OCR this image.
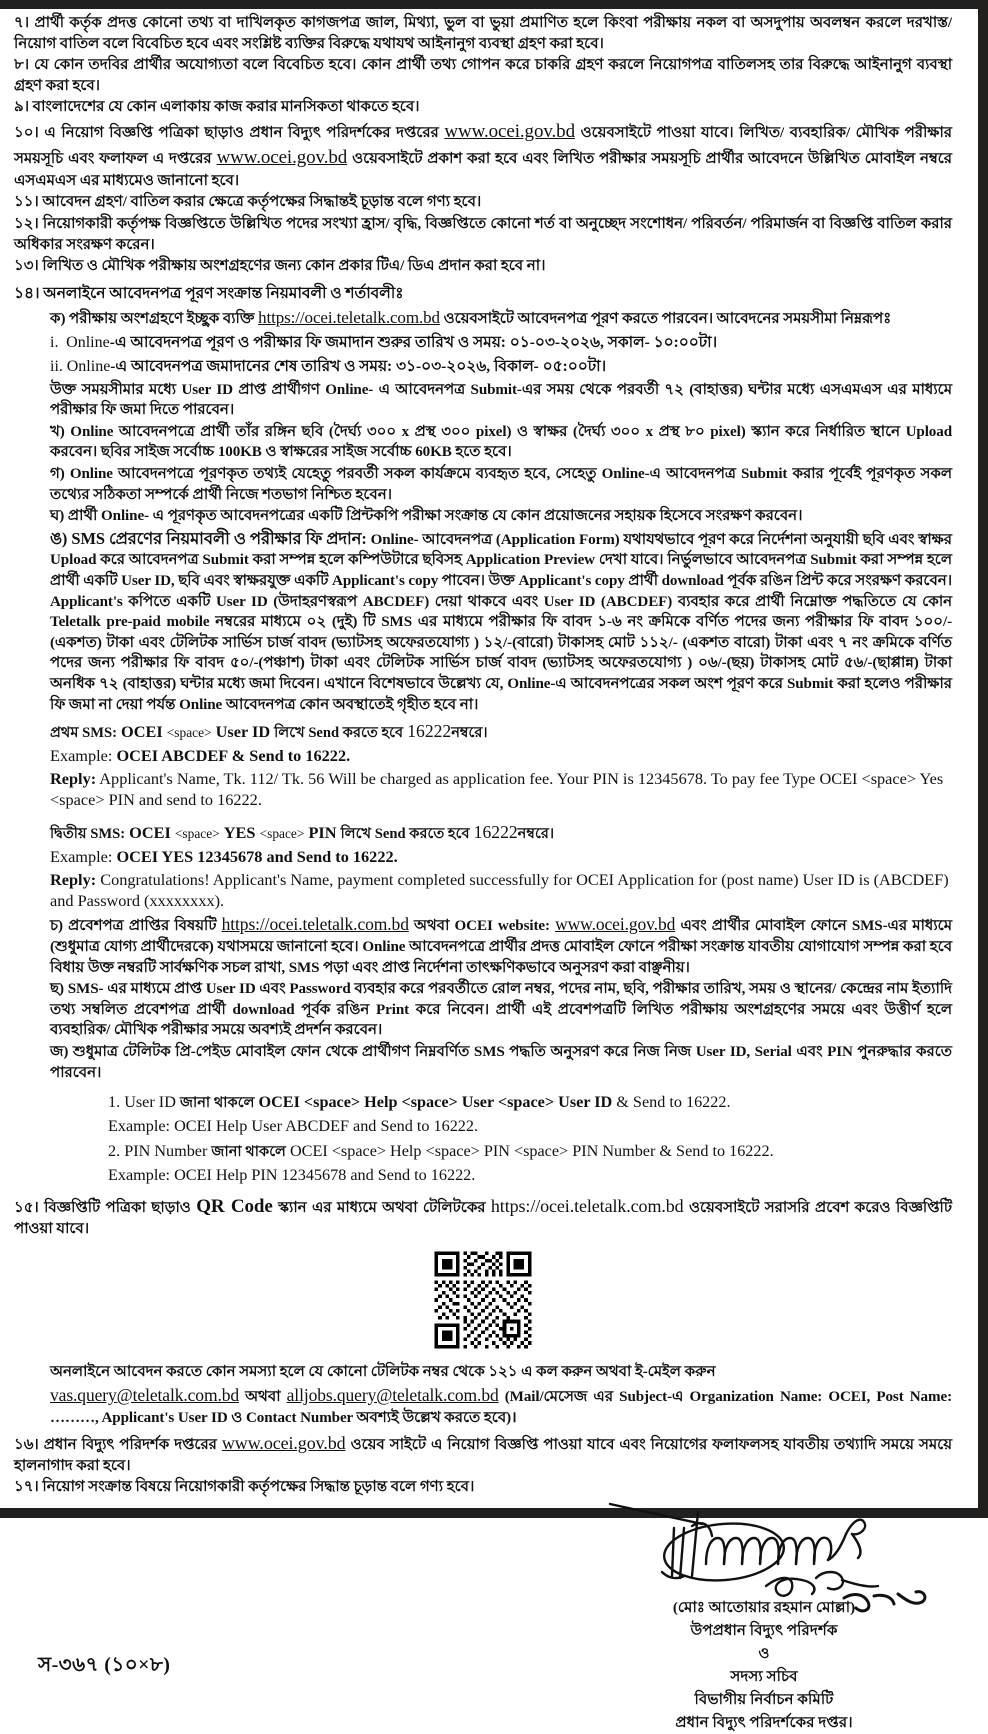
৭। প্রার্থী কর্তৃক প্রদত্ত কোনো তথ্য বা দাখিলকৃত কাগজপত্র জাল, মিথ্যা, ভুল বা ভুয়া প্রমাণিত হলে কিংবা পরীক্ষায় নকল বা অসদুপায় অবলম্বন করলে দরখাস্ত/ নিয়োগ বাতিল বলে বিবেচিত হবে এবং সংশ্লিষ্ট ব্যক্তির বিরুদ্ধে যথাযথ আইনানুগ ব্যবস্থা গ্রহণ করা হবে।

৮। যে কোন তদবির প্রার্থীর অযোগ্যতা বলে বিবেচিত হবে। কোন প্রার্থী তথ্য গোপন করে চাকরি গ্রহণ করলে নিয়োগপত্র বাতিলসহ তার বিরুদ্ধে আইনানুগ ব্যবস্থা গ্রহণ করা হবে।

৯। বাংলাদেশের যে কোন এলাকায় কাজ করার মানসিকতা থাকতে হবে।

১০। এ নিয়োগ বিজ্ঞপ্তি পত্রিকা ছাড়াও প্রধান বিদ্যুৎ পরিদর্শকের দপ্তরের www.ocei.gov.bd ওয়েবসাইটে পাওয়া যাবে। লিখিত/ ব্যবহারিক/ মৌখিক পরীক্ষার সময়সূচি এবং ফলাফল এ দপ্তরের www.ocei.gov.bd ওয়েবসাইটে প্রকাশ করা হবে এবং লিখিত পরীক্ষার সময়সূচি প্রার্থীর আবেদনে উল্লিখিত মোবাইল নম্বরে এসএমএস এর মাধ্যমেও জানানো হবে।

১১। আবেদন গ্রহণ/ বাতিল করার ক্ষেত্রে কর্তৃপক্ষের সিদ্ধান্তই চূড়ান্ত বলে গণ্য হবে।

১২। নিয়োগকারী কর্তৃপক্ষ বিজ্ঞপ্তিতে উল্লিখিত পদের সংখ্যা হ্রাস/ বৃদ্ধি, বিজ্ঞপ্তিতে কোনো শর্ত বা অনুচ্ছেদ সংশোধন/ পরিবর্তন/ পরিমার্জন বা বিজ্ঞপ্তি বাতিল করার অধিকার সংরক্ষণ করেন।

১৩। লিখিত ও মৌখিক পরীক্ষায় অংশগ্রহণের জন্য কোন প্রকার টিএ/ ডিএ প্রদান করা হবে না।

১৪। অনলাইনে আবেদনপত্র পূরণ সংক্রান্ত নিয়মাবলী ও শর্তাবলীঃ

ক) পরীক্ষায় অংশগ্রহণে ইচ্ছুক ব্যক্তি https://ocei.teletalk.com.bd ওয়েবসাইটে আবেদনপত্র পূরণ করতে পারবেন। আবেদনের সময়সীমা নিম্নরূপঃ

i. Online-এ আবেদনপত্র পূরণ ও পরীক্ষার ফি জমাদান শুরুর তারিখ ও সময়: ০১-০৩-২০২৬, সকাল- ১০:০০টা।

ii. Online-এ আবেদনপত্র জমাদানের শেষ তারিখ ও সময়: ৩১-০৩-২০২৬, বিকাল- ০৫:০০টা।

উক্ত সময়সীমার মধ্যে User ID প্রাপ্ত প্রার্থীগণ Online- এ আবেদনপত্র Submit-এর সময় থেকে পরবর্তী ৭২ (বাহাত্তর) ঘন্টার মধ্যে এসএমএস এর মাধ্যমে পরীক্ষার ফি জমা দিতে পারবেন।

খ) Online আবেদনপত্রে প্রার্থী তাঁর রঙ্গিন ছবি (দৈর্ঘ্য ৩০০ x প্রস্থ ৩০০ pixel) ও স্বাক্ষর (দৈর্ঘ্য ৩০০ x প্রস্থ ৮০ pixel) স্ক্যান করে নির্ধারিত স্থানে Upload করবেন। ছবির সাইজ সর্বোচ্চ 100KB ও স্বাক্ষরের সাইজ সর্বোচ্চ 60KB হতে হবে।

গ) Online আবেদনপত্রে পূরণকৃত তথ্যই যেহেতু পরবর্তী সকল কার্যক্রমে ব্যবহৃত হবে, সেহেতু Online-এ আবেদনপত্র Submit করার পূর্বেই পূরণকৃত সকল তথ্যের সঠিকতা সম্পর্কে প্রার্থী নিজে শতভাগ নিশ্চিত হবেন।

ঘ) প্রার্থী Online- এ পূরণকৃত আবেদনপত্রের একটি প্রিন্টকপি পরীক্ষা সংক্রান্ত যে কোন প্রয়োজনের সহায়ক হিসেবে সংরক্ষণ করবেন।

ঙ) SMS প্রেরণের নিয়মাবলী ও পরীক্ষার ফি প্রদান: Online- আবেদনপত্র (Application Form) যথাযথভাবে পূরণ করে নির্দেশনা অনুযায়ী ছবি এবং স্বাক্ষর Upload করে আবেদনপত্র Submit করা সম্পন্ন হলে কম্পিউটারে ছবিসহ Application Preview দেখা যাবে। নির্ভুলভাবে আবেদনপত্র Submit করা সম্পন্ন হলে প্রার্থী একটি User ID, ছবি এবং স্বাক্ষরযুক্ত একটি Applicant's copy পাবেন। উক্ত Applicant's copy প্রার্থী download পূর্বক রঙিন প্রিন্ট করে সংরক্ষণ করবেন। Applicant's কপিতে একটি User ID (উদাহরণস্বরূপ ABCDEF) দেয়া থাকবে এবং User ID (ABCDEF) ব্যবহার করে প্রার্থী নিম্নোক্ত পদ্ধতিতে যে কোন Teletalk pre-paid mobile নম্বরের মাধ্যমে ০২ (দুই) টি SMS এর মাধ্যমে পরীক্ষার ফি বাবদ ১-৬ নং ক্রমিকে বর্ণিত পদের জন্য পরীক্ষার ফি বাবদ ১০০/-(একশত) টাকা এবং টেলিটক সার্ভিস চার্জ বাবদ (ভ্যাটসহ অফেরতযোগ্য ) ১২/-(বারো) টাকাসহ মোট ১১২/- (একশত বারো) টাকা এবং ৭ নং ক্রমিকে বর্ণিত পদের জন্য পরীক্ষার ফি বাবদ ৫০/-(পঞ্চাশ) টাকা এবং টেলিটক সার্ভিস চার্জ বাবদ (ভ্যাটসহ অফেরতযোগ্য ) ০৬/-(ছয়) টাকাসহ মোট ৫৬/-(ছাপ্পান্ন) টাকা অনধিক ৭২ (বাহাত্তর) ঘন্টার মধ্যে জমা দিবেন। এখানে বিশেষভাবে উল্লেখ্য যে, Online-এ আবেদনপত্রের সকল অংশ পূরণ করে Submit করা হলেও পরীক্ষার ফি জমা না দেয়া পর্যন্ত Online আবেদনপত্র কোন অবস্থাতেই গৃহীত হবে না।

প্রথম SMS: OCEI <space> User ID লিখে Send করতে হবে 16222নম্বরে।

Example: OCEI ABCDEF & Send to 16222.

Reply: Applicant's Name, Tk. 112/ Tk. 56 Will be charged as application fee. Your PIN is 12345678. To pay fee Type OCEI <space> Yes <space> PIN and send to 16222.

দ্বিতীয় SMS: OCEI <space> YES <space> PIN লিখে Send করতে হবে 16222নম্বরে।

Example: OCEI YES 12345678 and Send to 16222.

Reply: Congratulations! Applicant's Name, payment completed successfully for OCEI Application for (post name) User ID is (ABCDEF) and Password (xxxxxxxx).

চ) প্রবেশপত্র প্রাপ্তির বিষয়টি https://ocei.teletalk.com.bd অথবা OCEI website: www.ocei.gov.bd এবং প্রার্থীর মোবাইল ফোনে SMS-এর মাধ্যমে (শুধুমাত্র যোগ্য প্রার্থীদেরকে) যথাসময়ে জানানো হবে। Online আবেদনপত্রে প্রার্থীর প্রদত্ত মোবাইল ফোনে পরীক্ষা সংক্রান্ত যাবতীয় যোগাযোগ সম্পন্ন করা হবে বিধায় উক্ত নম্বরটি সার্বক্ষণিক সচল রাখা, SMS পড়া এবং প্রাপ্ত নির্দেশনা তাৎক্ষণিকভাবে অনুসরণ করা বাঞ্ছনীয়।

ছ) SMS- এর মাধ্যমে প্রাপ্ত User ID এবং Password ব্যবহার করে পরবর্তীতে রোল নম্বর, পদের নাম, ছবি, পরীক্ষার তারিখ, সময় ও স্থানের/ কেন্দ্রের নাম ইত্যাদি তথ্য সম্বলিত প্রবেশপত্র প্রার্থী download পূর্বক রঙিন Print করে নিবেন। প্রার্থী এই প্রবেশপত্রটি লিখিত পরীক্ষায় অংশগ্রহণের সময়ে এবং উত্তীর্ণ হলে ব্যবহারিক/ মৌখিক পরীক্ষার সময়ে অবশ্যই প্রদর্শন করবেন।

জ) শুধুমাত্র টেলিটক প্রি-পেইড মোবাইল ফোন থেকে প্রার্থীগণ নিম্নবর্ণিত SMS পদ্ধতি অনুসরণ করে নিজ নিজ User ID, Serial এবং PIN পুনরুদ্ধার করতে পারবেন।

1. User ID জানা থাকলে OCEI <space> Help <space> User <space> User ID & Send to 16222.

Example: OCEI Help User ABCDEF and Send to 16222.

2. PIN Number জানা থাকলে OCEI <space> Help <space> PIN <space> PIN Number & Send to 16222.

Example: OCEI Help PIN 12345678 and Send to 16222.

১৫। বিজ্ঞপ্তিটি পত্রিকা ছাড়াও QR Code স্ক্যান এর মাধ্যমে অথবা টেলিটকের https://ocei.teletalk.com.bd ওয়েবসাইটে সরাসরি প্রবেশ করেও বিজ্ঞপ্তিটি পাওয়া যাবে।

অনলাইনে আবেদন করতে কোন সমস্যা হলে যে কোনো টেলিটক নম্বর থেকে ১২১ এ কল করুন অথবা ই-মেইল করুন

vas.query@teletalk.com.bd অথবা alljobs.query@teletalk.com.bd (Mail/মেসেজ এর Subject-এ Organization Name: OCEI, Post Name: ………, Applicant's User ID ও Contact Number অবশ্যই উল্লেখ করতে হবে)।

১৬। প্রধান বিদ্যুৎ পরিদর্শক দপ্তরের www.ocei.gov.bd ওয়েব সাইটে এ নিয়োগ বিজ্ঞপ্তি পাওয়া যাবে এবং নিয়োগের ফলাফলসহ যাবতীয় তথ্যাদি সময়ে সময়ে হালনাগাদ করা হবে।

১৭। নিয়োগ সংক্রান্ত বিষয়ে নিয়োগকারী কর্তৃপক্ষের সিদ্ধান্ত চূড়ান্ত বলে গণ্য হবে।

(মোঃ আতোয়ার রহমান মোল্লা)
উপপ্রধান বিদ্যুৎ পরিদর্শক
ও
সদস্য সচিব
বিভাগীয় নির্বাচন কমিটি
প্রধান বিদ্যুৎ পরিদর্শকের দপ্তর।
স-৩৬৭ (১০×৮)
